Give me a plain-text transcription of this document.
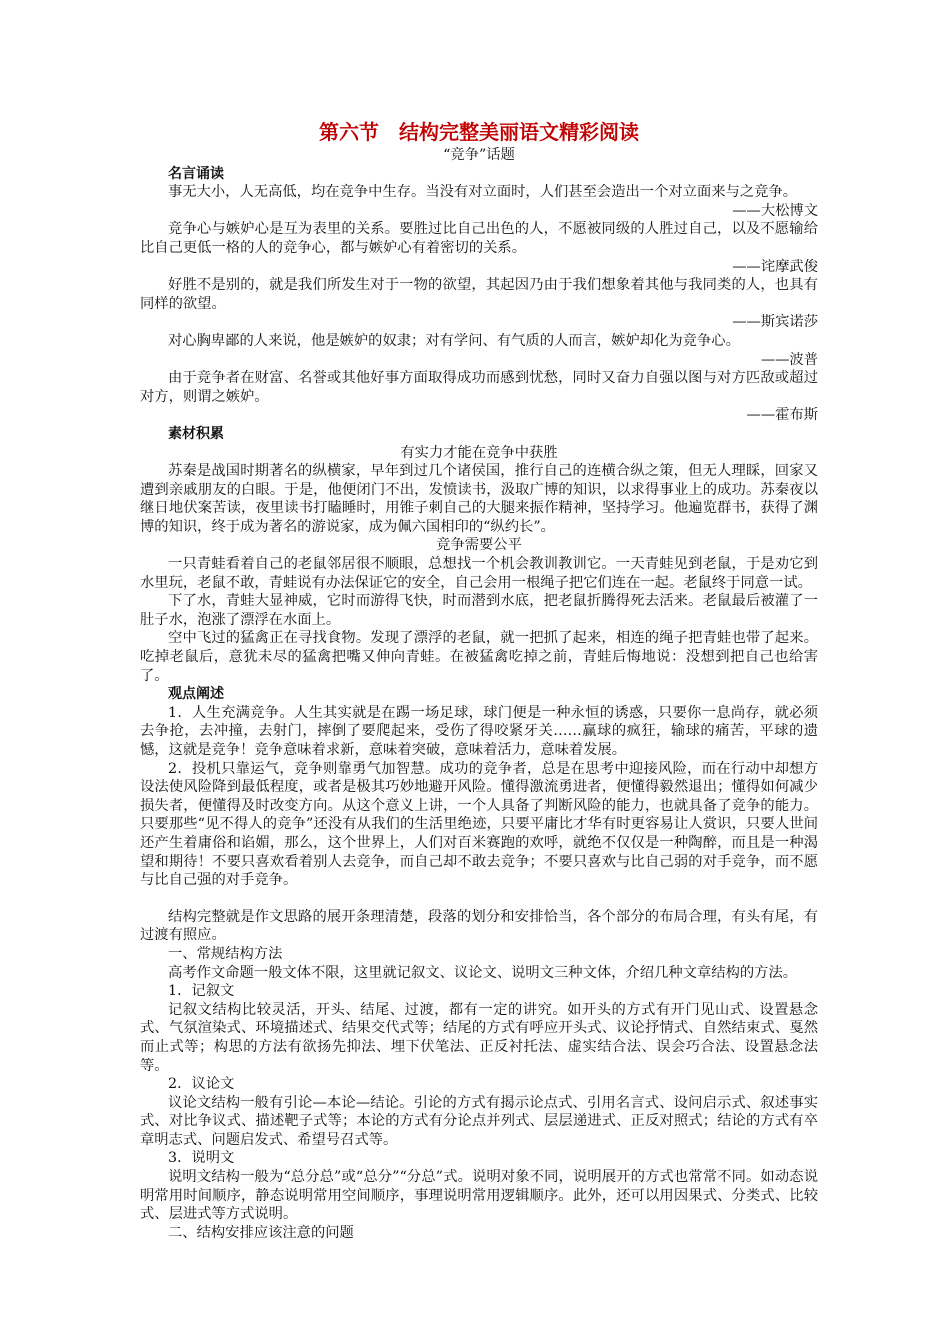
第六节　结构完整美丽语文精彩阅读

“竞争”话题

名言诵读

事无大小，人无高低，均在竞争中生存。当没有对立面时，人们甚至会造出一个对立面来与之竞争。

——大松博文

竞争心与嫉妒心是互为表里的关系。要胜过比自己出色的人，不愿被同级的人胜过自己，以及不愿输给比自己更低一格的人的竞争心，都与嫉妒心有着密切的关系。

——诧摩武俊

好胜不是别的，就是我们所发生对于一物的欲望，其起因乃由于我们想象着其他与我同类的人，也具有同样的欲望。

——斯宾诺莎

对心胸卑鄙的人来说，他是嫉妒的奴隶；对有学问、有气质的人而言，嫉妒却化为竞争心。

——波普

由于竞争者在财富、名誉或其他好事方面取得成功而感到忧愁，同时又奋力自强以图与对方匹敌或超过对方，则谓之嫉妒。

——霍布斯

素材积累

有实力才能在竞争中获胜

苏秦是战国时期著名的纵横家，早年到过几个诸侯国，推行自己的连横合纵之策，但无人理睬，回家又遭到亲戚朋友的白眼。于是，他便闭门不出，发愤读书，汲取广博的知识，以求得事业上的成功。苏秦夜以继日地伏案苦读，夜里读书打瞌睡时，用锥子刺自己的大腿来振作精神，坚持学习。他遍览群书，获得了渊博的知识，终于成为著名的游说家，成为佩六国相印的“纵约长”。

竞争需要公平

一只青蛙看着自己的老鼠邻居很不顺眼，总想找一个机会教训教训它。一天青蛙见到老鼠，于是劝它到水里玩，老鼠不敢，青蛙说有办法保证它的安全，自己会用一根绳子把它们连在一起。老鼠终于同意一试。

下了水，青蛙大显神威，它时而游得飞快，时而潜到水底，把老鼠折腾得死去活来。老鼠最后被灌了一肚子水，泡涨了漂浮在水面上。

空中飞过的猛禽正在寻找食物。发现了漂浮的老鼠，就一把抓了起来，相连的绳子把青蛙也带了起来。吃掉老鼠后，意犹未尽的猛禽把嘴又伸向青蛙。在被猛禽吃掉之前，青蛙后悔地说：没想到把自己也给害了。

观点阐述

1．人生充满竞争。人生其实就是在踢一场足球，球门便是一种永恒的诱惑，只要你一息尚存，就必须去争抢，去冲撞，去射门，摔倒了要爬起来，受伤了得咬紧牙关……赢球的疯狂，输球的痛苦，平球的遗憾，这就是竞争！竞争意味着求新，意味着突破，意味着活力，意味着发展。

2．投机只靠运气，竞争则靠勇气加智慧。成功的竞争者，总是在思考中迎接风险，而在行动中却想方设法使风险降到最低程度，或者是极其巧妙地避开风险。懂得激流勇进者，便懂得毅然退出；懂得如何减少损失者，便懂得及时改变方向。从这个意义上讲，一个人具备了判断风险的能力，也就具备了竞争的能力。只要那些“见不得人的竞争”还没有从我们的生活里绝迹，只要平庸比才华有时更容易让人赏识，只要人世间还产生着庸俗和谄媚，那么，这个世界上，人们对百米赛跑的欢呼，就绝不仅仅是一种陶醉，而且是一种渴望和期待！不要只喜欢看着别人去竞争，而自己却不敢去竞争；不要只喜欢与比自己弱的对手竞争，而不愿与比自己强的对手竞争。

结构完整就是作文思路的展开条理清楚，段落的划分和安排恰当，各个部分的布局合理，有头有尾，有过渡有照应。

一、常规结构方法

高考作文命题一般文体不限，这里就记叙文、议论文、说明文三种文体，介绍几种文章结构的方法。

1．记叙文

记叙文结构比较灵活，开头、结尾、过渡，都有一定的讲究。如开头的方式有开门见山式、设置悬念式、气氛渲染式、环境描述式、结果交代式等；结尾的方式有呼应开头式、议论抒情式、自然结束式、戛然而止式等；构思的方法有欲扬先抑法、埋下伏笔法、正反衬托法、虚实结合法、误会巧合法、设置悬念法等。

2．议论文

议论文结构一般有引论—本论—结论。引论的方式有揭示论点式、引用名言式、设问启示式、叙述事实式、对比争议式、描述靶子式等；本论的方式有分论点并列式、层层递进式、正反对照式；结论的方式有卒章明志式、问题启发式、希望号召式等。

3．说明文

说明文结构一般为“总分总”或“总分”“分总”式。说明对象不同，说明展开的方式也常常不同。如动态说明常用时间顺序，静态说明常用空间顺序，事理说明常用逻辑顺序。此外，还可以用因果式、分类式、比较式、层进式等方式说明。

二、结构安排应该注意的问题
